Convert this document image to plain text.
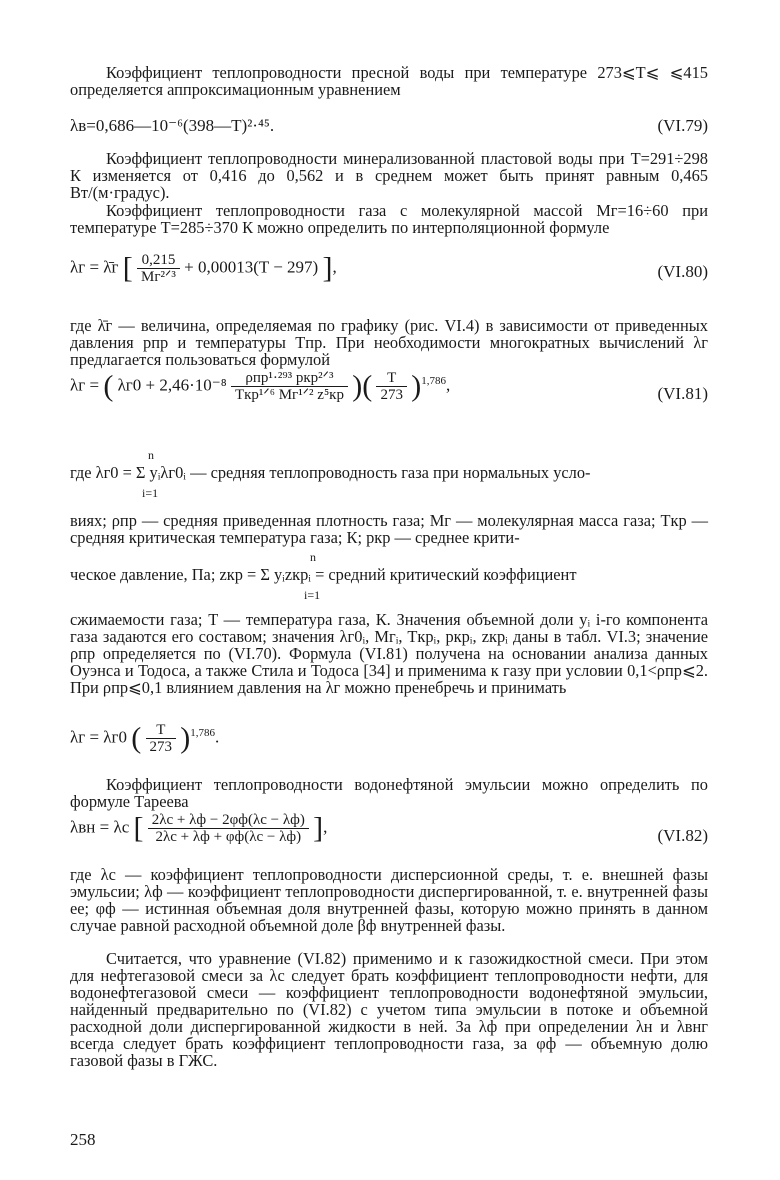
Коэффициент теплопроводности пресной воды при температуре 273⩽T⩽ ⩽415 определяется аппроксимационным уравнением

λв=0,686—10⁻⁶(398—T)²·⁴⁵.	(VI.79)

Коэффициент теплопроводности минерализованной пластовой воды при T=291÷298 К изменяется от 0,416 до 0,562 и в среднем может быть принят равным 0,465 Вт/(м·градус).

Коэффициент теплопроводности газа с молекулярной массой Mг=16÷60 при температуре T=285÷370 К можно определить по интерполяционной формуле

λг = λ̄г [ $\frac{0,215}{\text{Mг²ᐟ³}} + 0,00013(T - 297)$ ],	(VI.80)

где λ̄г — величина, определяемая по графику (рис. VI.4) в зависимости от приведенных давления pпр и температуры Tпр. При необходимости многократных вычислений λг предлагается пользоваться формулой

λг = ( $\lambda г0 + 2,46\cdot 10^{-8} \frac{\text{ρпр¹·²⁹³ pкр²ᐟ³}}{\text{Tкр¹ᐟ⁶ Mг¹ᐟ² z⁵кр}}$ )( $\frac{T}{273} )^{1,786}$,	(VI.81)
n

где λг0 = Σ yᵢλг0ᵢ — средняя теплопроводность газа при нормальных усло-

i=1

виях; ρпр — средняя приведенная плотность газа; Mг — молекулярная масса газа; Tкр — средняя критическая температура газа; К; pкр — среднее крити-

n

ческое давление, Па; zкр = Σ yᵢzкрᵢ = средний критический коэффициент

i=1

сжимаемости газа; T — температура газа, К. Значения объемной доли yᵢ i-го компонента газа задаются его составом; значения λг0ᵢ, Mгᵢ, Tкрᵢ, pкрᵢ, zкрᵢ даны в табл. VI.3; значение ρпр определяется по (VI.70). Формула (VI.81) получена на основании анализа данных Оуэнса и Тодоса, а также Стила и Тодоса [34] и применима к газу при условии 0,1<ρпр⩽2. При ρпр⩽0,1 влиянием давления на λг можно пренебречь и принимать

λг = λг0 ( $\frac{T}{273} )^{1,786}$.

Коэффициент теплопроводности водонефтяной эмульсии можно определить по формуле Тареева

λвн = λс [ $\frac{2\lambda с + \lambda ф - 2\varphi ф(\lambda с - \lambda ф)}{2\lambda с + \lambda ф + \varphi ф(\lambda с - \lambda ф)}$ ],	(VI.82)

где λс — коэффициент теплопроводности дисперсионной среды, т. е. внешней фазы эмульсии; λф — коэффициент теплопроводности диспергированной, т. е. внутренней фазы ее; φф — истинная объемная доля внутренней фазы, которую можно принять в данном случае равной расходной объемной доле βф внутренней фазы.

Считается, что уравнение (VI.82) применимо и к газожидкостной смеси. При этом для нефтегазовой смеси за λс следует брать коэффициент теплопроводности нефти, для водонефтегазовой смеси — коэффициент теплопроводности водонефтяной эмульсии, найденный предварительно по (VI.82) с учетом типа эмульсии в потоке и объемной расходной доли диспергированной жидкости в ней. За λф при определении λн и λвнг всегда следует брать коэффициент теплопроводности газа, за φф — объемную долю газовой фазы в ГЖС.

258
